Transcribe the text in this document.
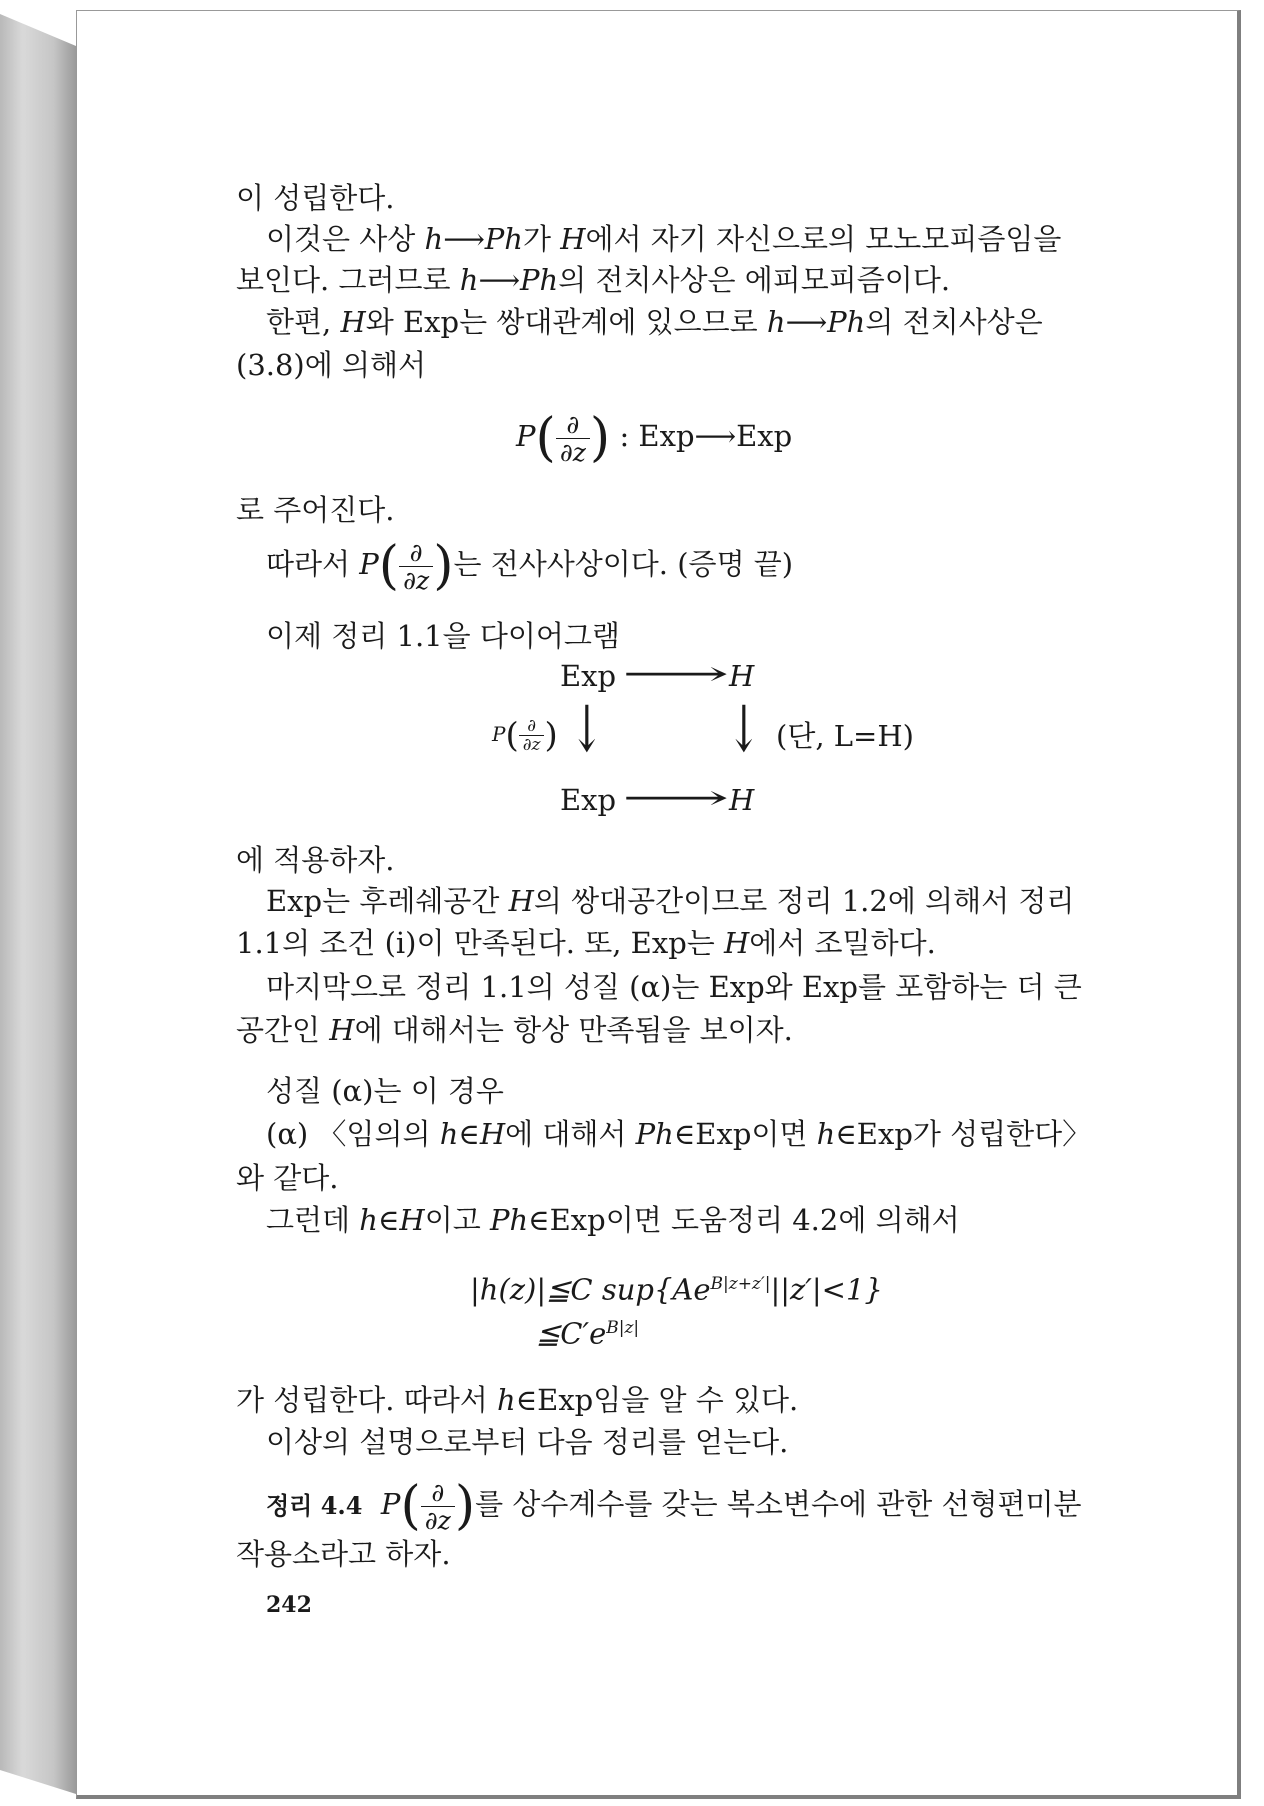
이 성립한다.
이것은 사상 h⟶Ph가 H에서 자기 자신으로의 모노모피즘임을
보인다. 그러므로 h⟶Ph의 전치사상은 에피모피즘이다.
한편, H와 Exp는 쌍대관계에 있으므로 h⟶Ph의 전치사상은
(3.8)에 의해서
$P( \frac{\partial}{\partial z}$ ) : Exp⟶Exp
로 주어진다.
따라서 $P( \frac{\partial}{\partial z}$ )는 전사사상이다. (증명 끝)
이제 정리 1.1을 다이어그램
Exp ⟶ H
$P( \frac{\partial}{\partial z}$ ) ↓	↓ (단, L=H)
Exp ⟶ H
에 적용하자.
Exp는 후레쉐공간 H의 쌍대공간이므로 정리 1.2에 의해서 정리
1.1의 조건 (i)이 만족된다. 또, Exp는 H에서 조밀하다.
마지막으로 정리 1.1의 성질 (α)는 Exp와 Exp를 포함하는 더 큰
공간인 H에 대해서는 항상 만족됨을 보이자.
성질 (α)는 이 경우
(α) 〈임의의 h∈H에 대해서 Ph∈Exp이면 h∈Exp가 성립한다〉
와 같다.
그런데 h∈H이고 Ph∈Exp이면 도움정리 4.2에 의해서
|h(z)|≦C $sup\{Ae^{B|z+z'|}||z'|<1\}$
$≦C'e^{B|z|}$
가 성립한다. 따라서 h∈Exp임을 알 수 있다.
이상의 설명으로부터 다음 정리를 얻는다.
정리 4.4 $P( \frac{\partial}{\partial z}$ )를 상수계수를 갖는 복소변수에 관한 선형편미분
작용소라고 하자.
242
